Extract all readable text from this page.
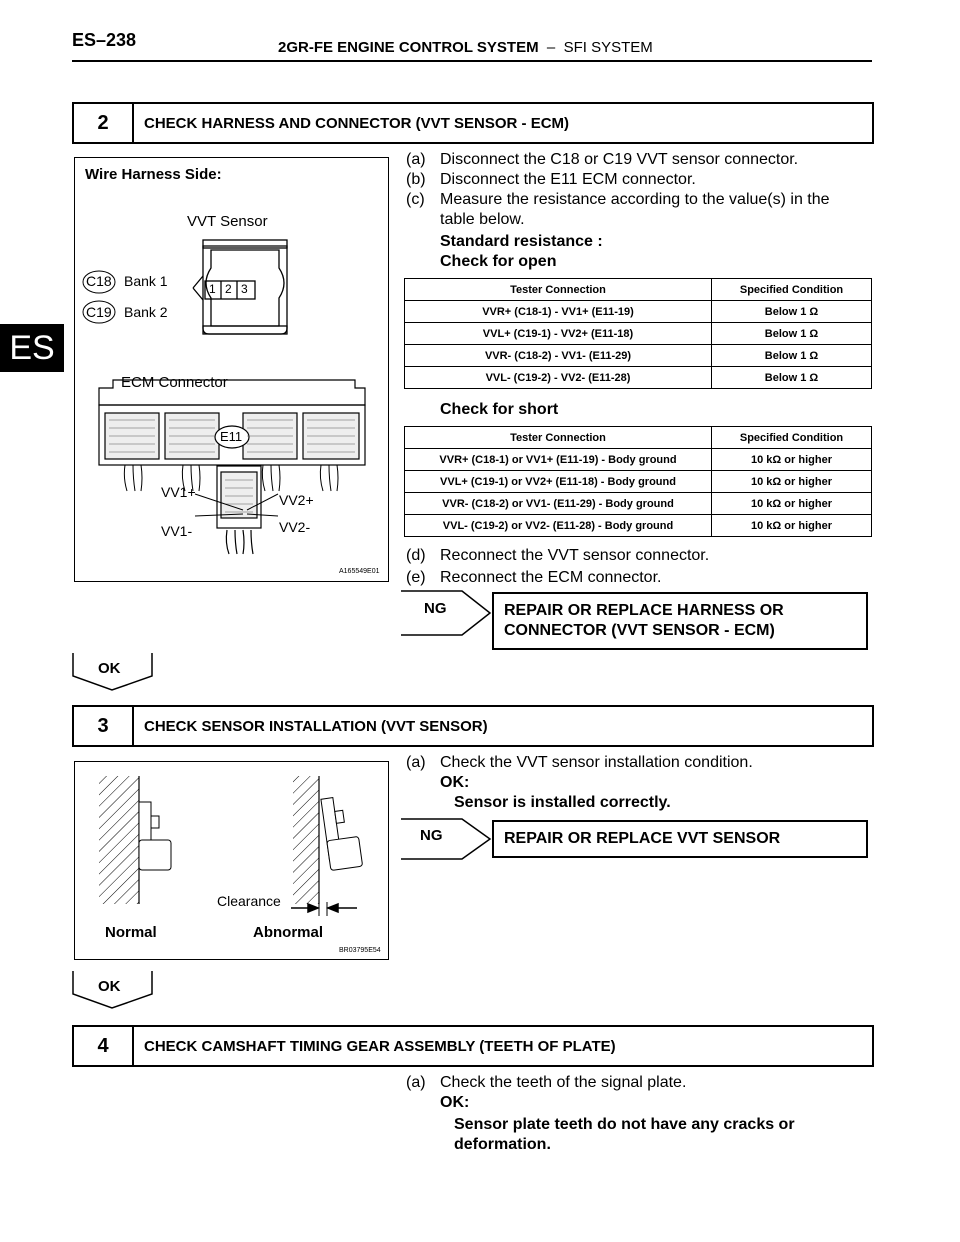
ES–238	2GR-FE ENGINE CONTROL SYSTEM  –  SFI SYSTEM
ES
2	CHECK HARNESS AND CONNECTOR (VVT SENSOR - ECM)
Wire Harness Side:
VVT Sensor
C18 Bank 1
C19 Bank 2
1 2 3
ECM Connector
E11
VV1+	VV2+
VV1-	VV2-
A165549E01
(a) Disconnect the C18 or C19 VVT sensor connector.
(b) Disconnect the E11 ECM connector.
(c) Measure the resistance according to the value(s) in the
table below.
Standard resistance :
Check for open
Check for short
(d) Reconnect the VVT sensor connector.
(e) Reconnect the ECM connector.
Tester Connection	Specified Condition
VVR+ (C18-1) - VV1+ (E11-19)	Below 1 Ω
VVL+ (C19-1) - VV2+ (E11-18)	Below 1 Ω
VVR- (C18-2) - VV1- (E11-29)	Below 1 Ω
VVL- (C19-2) - VV2- (E11-28)	Below 1 Ω
Tester Connection	Specified Condition
VVR+ (C18-1) or VV1+ (E11-19) - Body ground	10 kΩ or higher
VVL+ (C19-1) or VV2+ (E11-18) - Body ground	10 kΩ or higher
VVR- (C18-2) or VV1- (E11-29) - Body ground	10 kΩ or higher
VVL- (C19-2) or VV2- (E11-28) - Body ground	10 kΩ or higher
NG	REPAIR OR REPLACE HARNESS OR
CONNECTOR (VVT SENSOR - ECM)
OK
3	CHECK SENSOR INSTALLATION (VVT SENSOR)
Clearance
Normal	Abnormal
BR03795E54
(a) Check the VVT sensor installation condition.
OK:
Sensor is installed correctly.
NG	REPAIR OR REPLACE VVT SENSOR
OK
4	CHECK CAMSHAFT TIMING GEAR ASSEMBLY (TEETH OF PLATE)
(a) Check the teeth of the signal plate.
OK:
Sensor plate teeth do not have any cracks or
deformation.
